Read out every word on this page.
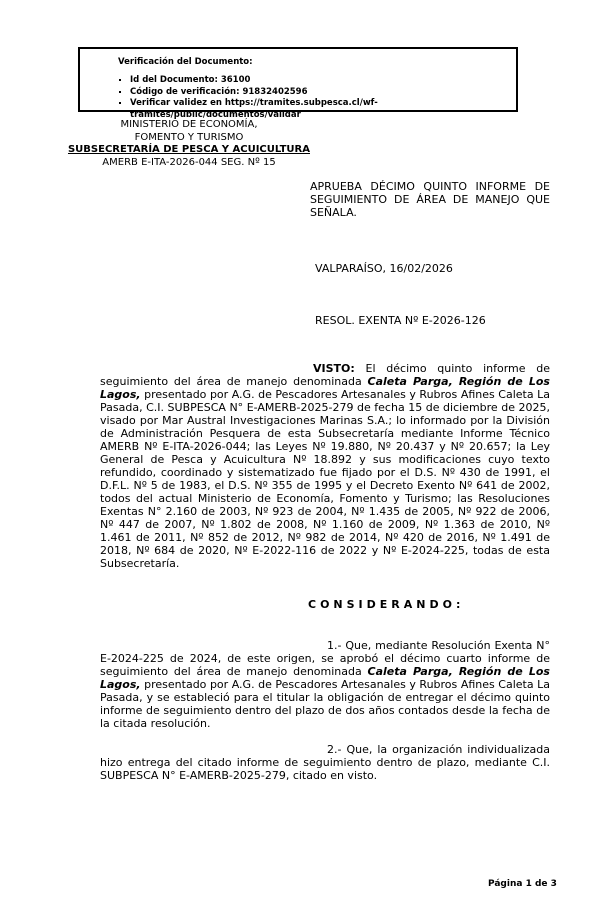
Verificación del Documento:
▪ Id del Documento: 36100
▪ Código de verificación: 91832402596
▪ Verificar validez en https://tramites.subpesca.cl/wf-tramites/public/documentos/validar
MINISTERIO DE ECONOMÍA,
FOMENTO Y TURISMO
SUBSECRETARÍA DE PESCA Y ACUICULTURA
AMERB E-ITA-2026-044 SEG. Nº 15
APRUEBA DÉCIMO QUINTO INFORME DE SEGUIMIENTO DE ÁREA DE MANEJO QUE SEÑALA.
VALPARAÍSO, 16/02/2026
RESOL. EXENTA Nº E-2026-126

VISTO: El décimo quinto informe de seguimiento del área de manejo denominada Caleta Parga, Región de Los Lagos, presentado por A.G. de Pescadores Artesanales y Rubros Afines Caleta La Pasada, C.I. SUBPESCA N° E-AMERB-2025-279 de fecha 15 de diciembre de 2025, visado por Mar Austral Investigaciones Marinas S.A.; lo informado por la División de Administración Pesquera de esta Subsecretaría mediante Informe Técnico AMERB Nº E-ITA-2026-044; las Leyes Nº 19.880, Nº 20.437 y Nº 20.657; la Ley General de Pesca y Acuicultura Nº 18.892 y sus modificaciones cuyo texto refundido, coordinado y sistematizado fue fijado por el D.S. Nº 430 de 1991, el D.F.L. Nº 5 de 1983, el D.S. Nº 355 de 1995 y el Decreto Exento Nº 641 de 2002, todos del actual Ministerio de Economía, Fomento y Turismo; las Resoluciones Exentas N° 2.160 de 2003, Nº 923 de 2004, Nº 1.435 de 2005, Nº 922 de 2006, Nº 447 de 2007, Nº 1.802 de 2008, Nº 1.160 de 2009, Nº 1.363 de 2010, Nº 1.461 de 2011, Nº 852 de 2012, Nº 982 de 2014, Nº 420 de 2016, Nº 1.491 de 2018, Nº 684 de 2020, Nº E-2022-116 de 2022 y Nº E-2024-225, todas de esta Subsecretaría.

CONSIDERANDO:

1.- Que, mediante Resolución Exenta N° E-2024-225 de 2024, de este origen, se aprobó el décimo cuarto informe de seguimiento del área de manejo denominada Caleta Parga, Región de Los Lagos, presentado por A.G. de Pescadores Artesanales y Rubros Afines Caleta La Pasada, y se estableció para el titular la obligación de entregar el décimo quinto informe de seguimiento dentro del plazo de dos años contados desde la fecha de la citada resolución.

2.- Que, la organización individualizada hizo entrega del citado informe de seguimiento dentro de plazo, mediante C.I. SUBPESCA N° E-AMERB-2025-279, citado en visto.

Página 1 de 3
